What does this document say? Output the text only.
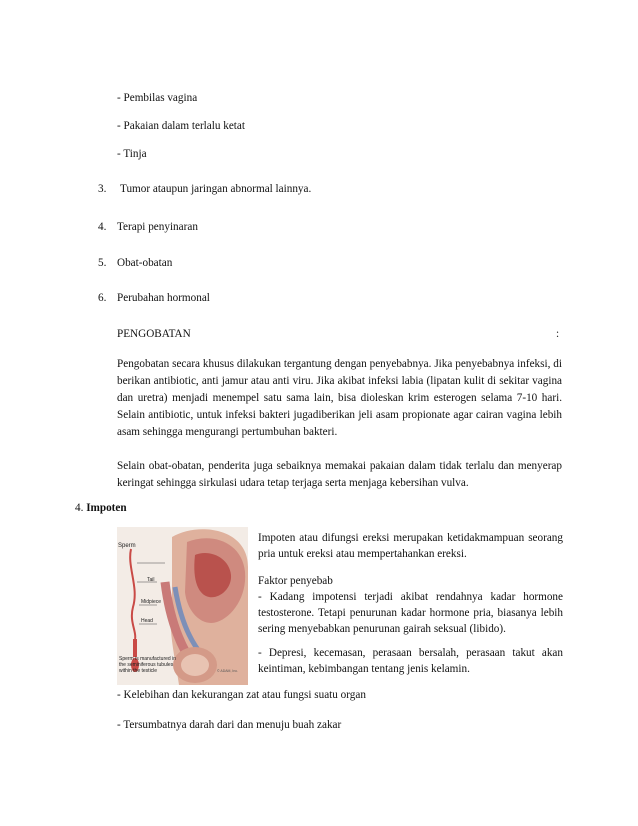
- Pembilas vagina
- Pakaian dalam terlalu ketat
- Tinja
3. Tumor ataupun jaringan abnormal lainnya.
4. Terapi penyinaran
5. Obat-obatan
6. Perubahan hormonal
PENGOBATAN	:

Pengobatan secara khusus dilakukan tergantung dengan penyebabnya. Jika penyebabnya infeksi, di berikan antibiotic, anti jamur atau anti viru. Jika akibat infeksi labia (lipatan kulit di sekitar vagina dan uretra) menjadi menempel satu sama lain, bisa dioleskan krim esterogen selama 7-10 hari. Selain antibiotic, untuk infeksi bakteri jugadiberikan jeli asam propionate agar cairan vagina lebih asam sehingga mengurangi pertumbuhan bakteri.

Selain obat-obatan, penderita juga sebaiknya memakai pakaian dalam tidak terlalu dan menyerap keringat sehingga sirkulasi udara tetap terjaga serta menjaga kebersihan vulva.

4. Impoten
Sperm
Tail
Midpiece
Head
© ADAM, Inc.
Sperm is manufactured in the seminiferous tubules within the testicle

Impoten atau difungsi ereksi merupakan ketidakmampuan seorang pria untuk ereksi atau mempertahankan ereksi.

Faktor penyebab

- Kadang impotensi terjadi akibat rendahnya kadar hormone testosterone. Tetapi penurunan kadar hormone pria, biasanya lebih sering menyebabkan penurunan gairah seksual (libido).

- Depresi, kecemasan, perasaan bersalah, perasaan takut akan keintiman, kebimbangan tentang jenis kelamin.

- Kelebihan dan kekurangan zat atau fungsi suatu organ
- Tersumbatnya darah dari dan menuju buah zakar
